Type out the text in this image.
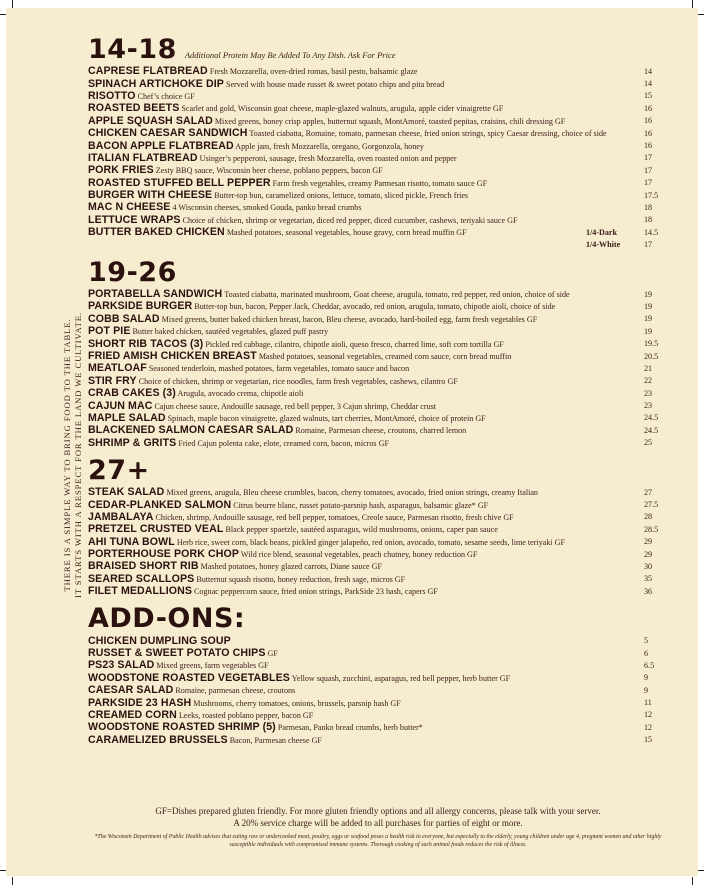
THERE IS A SIMPLE WAY TO BRING FOOD TO THE TABLE. IT STARTS WITH A RESPECT FOR THE LAND WE CULTIVATE.
14-18 Additional Protein May Be Added To Any Dish. Ask For Price
CAPRESE FLATBREAD Fresh Mozzarella, oven-dried romas, basil pesto, balsamic glaze	14
SPINACH ARTICHOKE DIP Served with house made russet & sweet potato chips and pita bread	14
RISOTTO Chef’s choice GF	15
ROASTED BEETS Scarlet and gold, Wisconsin goat cheese, maple-glazed walnuts, arugula, apple cider vinaigrette GF	16
APPLE SQUASH SALAD Mixed greens, honey crisp apples, butternut squash, MontAmoré, toasted pepitas, craisins, chili dressing GF	16
CHICKEN CAESAR SANDWICH Toasted ciabatta, Romaine, tomato, parmesan cheese, fried onion strings, spicy Caesar dressing, choice of side	16
BACON APPLE FLATBREAD Apple jam, fresh Mozzarella, oregano, Gorgonzola, honey	16
ITALIAN FLATBREAD Usinger’s pepperoni, sausage, fresh Mozzarella, oven roasted onion and pepper	17
PORK FRIES Zesty BBQ sauce, Wisconsin beer cheese, poblano peppers, bacon GF	17
ROASTED STUFFED BELL PEPPER Farm fresh vegetables, creamy Parmesan risotto, tomato sauce GF	17
BURGER WITH CHEESE Butter-top bun, caramelized onions, lettuce, tomato, sliced pickle, French fries	17.5
MAC N CHEESE 4 Wisconsin cheeses, smoked Gouda, panko bread crumbs	18
LETTUCE WRAPS Choice of chicken, shrimp or vegetarian, diced red pepper, diced cucumber, cashews, teriyaki sauce GF	18
BUTTER BAKED CHICKEN Mashed potatoes, seasonal vegetables, house gravy, corn bread muffin GF	1/4-Dark	14.5
1/4-White	17
19-26
PORTABELLA SANDWICH Toasted ciabatta, marinated mushroom, Goat cheese, arugula, tomato, red pepper, red onion, choice of side	19
PARKSIDE BURGER Butter-top bun, bacon, Pepper Jack, Cheddar, avocado, red onion, arugula, tomato, chipotle aioli, choice of side	19
COBB SALAD Mixed greens, butter baked chicken breast, bacon, Bleu cheese, avocado, hard-boiled egg, farm fresh vegetables GF	19
POT PIE Butter baked chicken, sautéed vegetables, glazed puff pastry	19
SHORT RIB TACOS (3) Pickled red cabbage, cilantro, chipotle aioli, queso fresco, charred lime, soft corn tortilla GF	19.5
FRIED AMISH CHICKEN BREAST Mashed potatoes, seasonal vegetables, creamed corn sauce, corn bread muffin	20.5
MEATLOAF Seasoned tenderloin, mashed potatoes, farm vegetables, tomato sauce and bacon	21
STIR FRY Choice of chicken, shrimp or vegetarian, rice noodles, farm fresh vegetables, cashews, cilantro GF	22
CRAB CAKES (3) Arugula, avocado crema, chipotle aioli	23
CAJUN MAC Cajun cheese sauce, Andouille sausage, red bell pepper, 3 Cajun shrimp, Cheddar crust	23
MAPLE SALAD Spinach, maple bacon vinaigrette, glazed walnuts, tart cherries, MontAmoré, choice of protein GF	24.5
BLACKENED SALMON CAESAR SALAD Romaine, Parmesan cheese, croutons, charred lemon	24.5
SHRIMP & GRITS Fried Cajun polenta cake, elote, creamed corn, bacon, micros GF	25
27+
STEAK SALAD Mixed greens, arugula, Bleu cheese crumbles, bacon, cherry tomatoes, avocado, fried onion strings, creamy Italian	27
CEDAR-PLANKED SALMON Citrus beurre blanc, russet potato-parsnip hash, asparagus, balsamic glaze* GF	27.5
JAMBALAYA Chicken, shrimp, Andouille sausage, red bell pepper, tomatoes, Creole sauce, Parmesan risotto, fresh chive GF	28
PRETZEL CRUSTED VEAL Black pepper spaetzle, sautéed asparagus, wild mushrooms, onions, caper pan sauce	28.5
AHI TUNA BOWL Herb rice, sweet corn, black beans, pickled ginger jalapeño, red onion, avocado, tomato, sesame seeds, lime teriyaki GF	29
PORTERHOUSE PORK CHOP Wild rice blend, seasonal vegetables, peach chutney, honey reduction GF	29
BRAISED SHORT RIB Mashed potatoes, honey glazed carrots, Diane sauce GF	30
SEARED SCALLOPS Butternut squash risotto, honey reduction, fresh sage, micros GF	35
FILET MEDALLIONS Cognac peppercorn sauce, fried onion strings, ParkSide 23 hash, capers GF	36
ADD-ONS:
CHICKEN DUMPLING SOUP	5
RUSSET & SWEET POTATO CHIPS GF	6
PS23 SALAD Mixed greens, farm vegetables GF	6.5
WOODSTONE ROASTED VEGETABLES Yellow squash, zucchini, asparagus, red bell pepper, herb butter GF	9
CAESAR SALAD Romaine, parmesan cheese, croutons	9
PARKSIDE 23 HASH Mushrooms, cherry tomatoes, onions, brussels, parsnip hash GF	11
CREAMED CORN Leeks, roasted poblano pepper, bacon GF	12
WOODSTONE ROASTED SHRIMP (5) Parmesan, Panko bread crumbs, herb butter*	12
CARAMELIZED BRUSSELS Bacon, Parmesan cheese GF	15
GF=Dishes prepared gluten friendly. For more gluten friendly options and all allergy concerns, please talk with your server.
A 20% service charge will be added to all purchases for parties of eight or more.
*The Wisconsin Department of Public Health advises that eating raw or undercooked meat, poultry, eggs or seafood poses a health risk to everyone, but especially to the elderly, young children under age 4, pregnant women and other highly susceptible individuals with compromised immune systems. Thorough cooking of such animal foods reduces the risk of illness.
